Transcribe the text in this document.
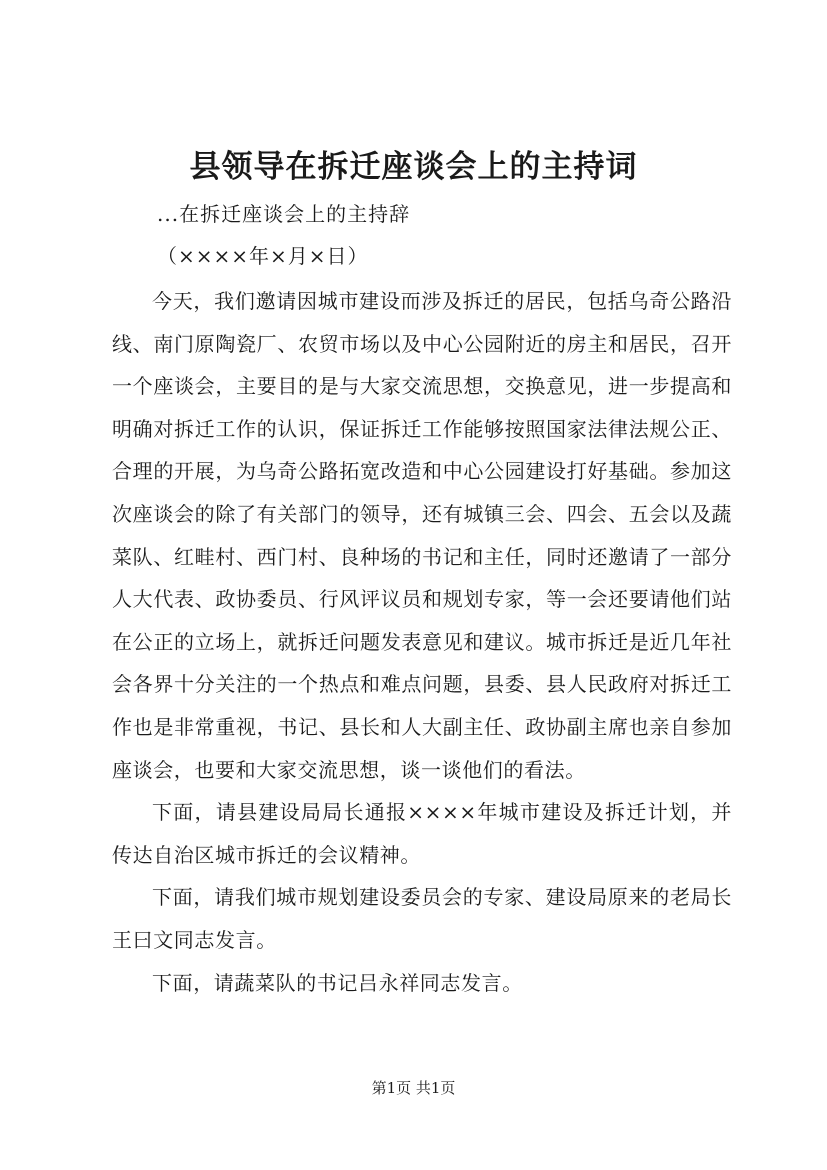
县领导在拆迁座谈会上的主持词
...在拆迁座谈会上的主持辞
（××××年×月×日）

今天，我们邀请因城市建设而涉及拆迁的居民，包括乌奇公路沿线、南门原陶瓷厂、农贸市场以及中心公园附近的房主和居民，召开一个座谈会，主要目的是与大家交流思想，交换意见，进一步提高和明确对拆迁工作的认识，保证拆迁工作能够按照国家法律法规公正、合理的开展，为乌奇公路拓宽改造和中心公园建设打好基础。参加这次座谈会的除了有关部门的领导，还有城镇三会、四会、五会以及蔬菜队、红畦村、西门村、良种场的书记和主任，同时还邀请了一部分人大代表、政协委员、行风评议员和规划专家，等一会还要请他们站在公正的立场上，就拆迁问题发表意见和建议。城市拆迁是近几年社会各界十分关注的一个热点和难点问题，县委、县人民政府对拆迁工作也是非常重视，书记、县长和人大副主任、政协副主席也亲自参加座谈会，也要和大家交流思想，谈一谈他们的看法。

下面，请县建设局局长通报××××年城市建设及拆迁计划，并传达自治区城市拆迁的会议精神。

下面，请我们城市规划建设委员会的专家、建设局原来的老局长王曰文同志发言。

下面，请蔬菜队的书记吕永祥同志发言。

第1页 共1页
